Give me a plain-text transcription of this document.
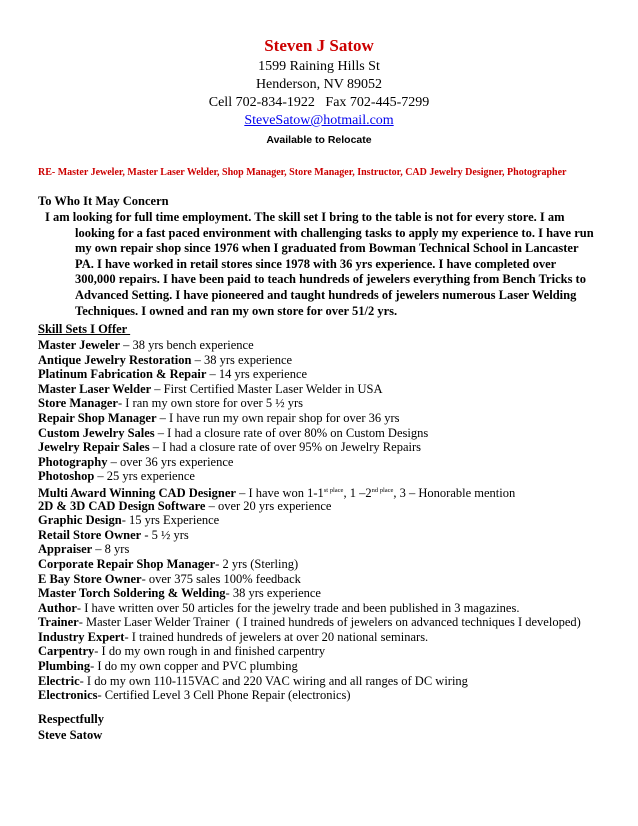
Steven J Satow
1599 Raining Hills St
Henderson, NV 89052
Cell 702-834-1922   Fax 702-445-7299
SteveSatow@hotmail.com
Available to Relocate
RE- Master Jeweler, Master Laser Welder, Shop Manager, Store Manager, Instructor, CAD Jewelry Designer, Photographer
To Who It May Concern
I am looking for full time employment. The skill set I bring to the table is not for every store. I am looking for a fast paced environment with challenging tasks to apply my experience to. I have run my own repair shop since 1976 when I graduated from Bowman Technical School in Lancaster PA. I have worked in retail stores since 1978 with 36 yrs experience. I have completed over 300,000 repairs. I have been paid to teach hundreds of jewelers everything from Bench Tricks to Advanced Setting. I have pioneered and taught hundreds of jewelers numerous Laser Welding Techniques. I owned and ran my own store for over 51/2 yrs.
Skill Sets I Offer
Master Jeweler – 38 yrs bench experience
Antique Jewelry Restoration – 38 yrs experience
Platinum Fabrication & Repair – 14 yrs experience
Master Laser Welder – First Certified Master Laser Welder in USA
Store Manager- I ran my own store for over 5 ½ yrs
Repair Shop Manager – I have run my own repair shop for over 36 yrs
Custom Jewelry Sales – I had a closure rate of over 80% on Custom Designs
Jewelry Repair Sales – I had a closure rate of over 95% on Jewelry Repairs
Photography – over 36 yrs experience
Photoshop – 25 yrs experience
Multi Award Winning CAD Designer – I have won $1-1^{st place}$, 1 $-2^{nd place}$, 3 – Honorable mention
2D & 3D CAD Design Software – over 20 yrs experience
Graphic Design- 15 yrs Experience
Retail Store Owner - 5 ½ yrs
Appraiser – 8 yrs
Corporate Repair Shop Manager- 2 yrs (Sterling)
E Bay Store Owner- over 375 sales 100% feedback
Master Torch Soldering & Welding- 38 yrs experience
Author- I have written over 50 articles for the jewelry trade and been published in 3 magazines.
Trainer- Master Laser Welder Trainer  ( I trained hundreds of jewelers on advanced techniques I developed)
Industry Expert- I trained hundreds of jewelers at over 20 national seminars.
Carpentry- I do my own rough in and finished carpentry
Plumbing- I do my own copper and PVC plumbing
Electric- I do my own 110-115VAC and 220 VAC wiring and all ranges of DC wiring
Electronics- Certified Level 3 Cell Phone Repair (electronics)
Respectfully
Steve Satow
